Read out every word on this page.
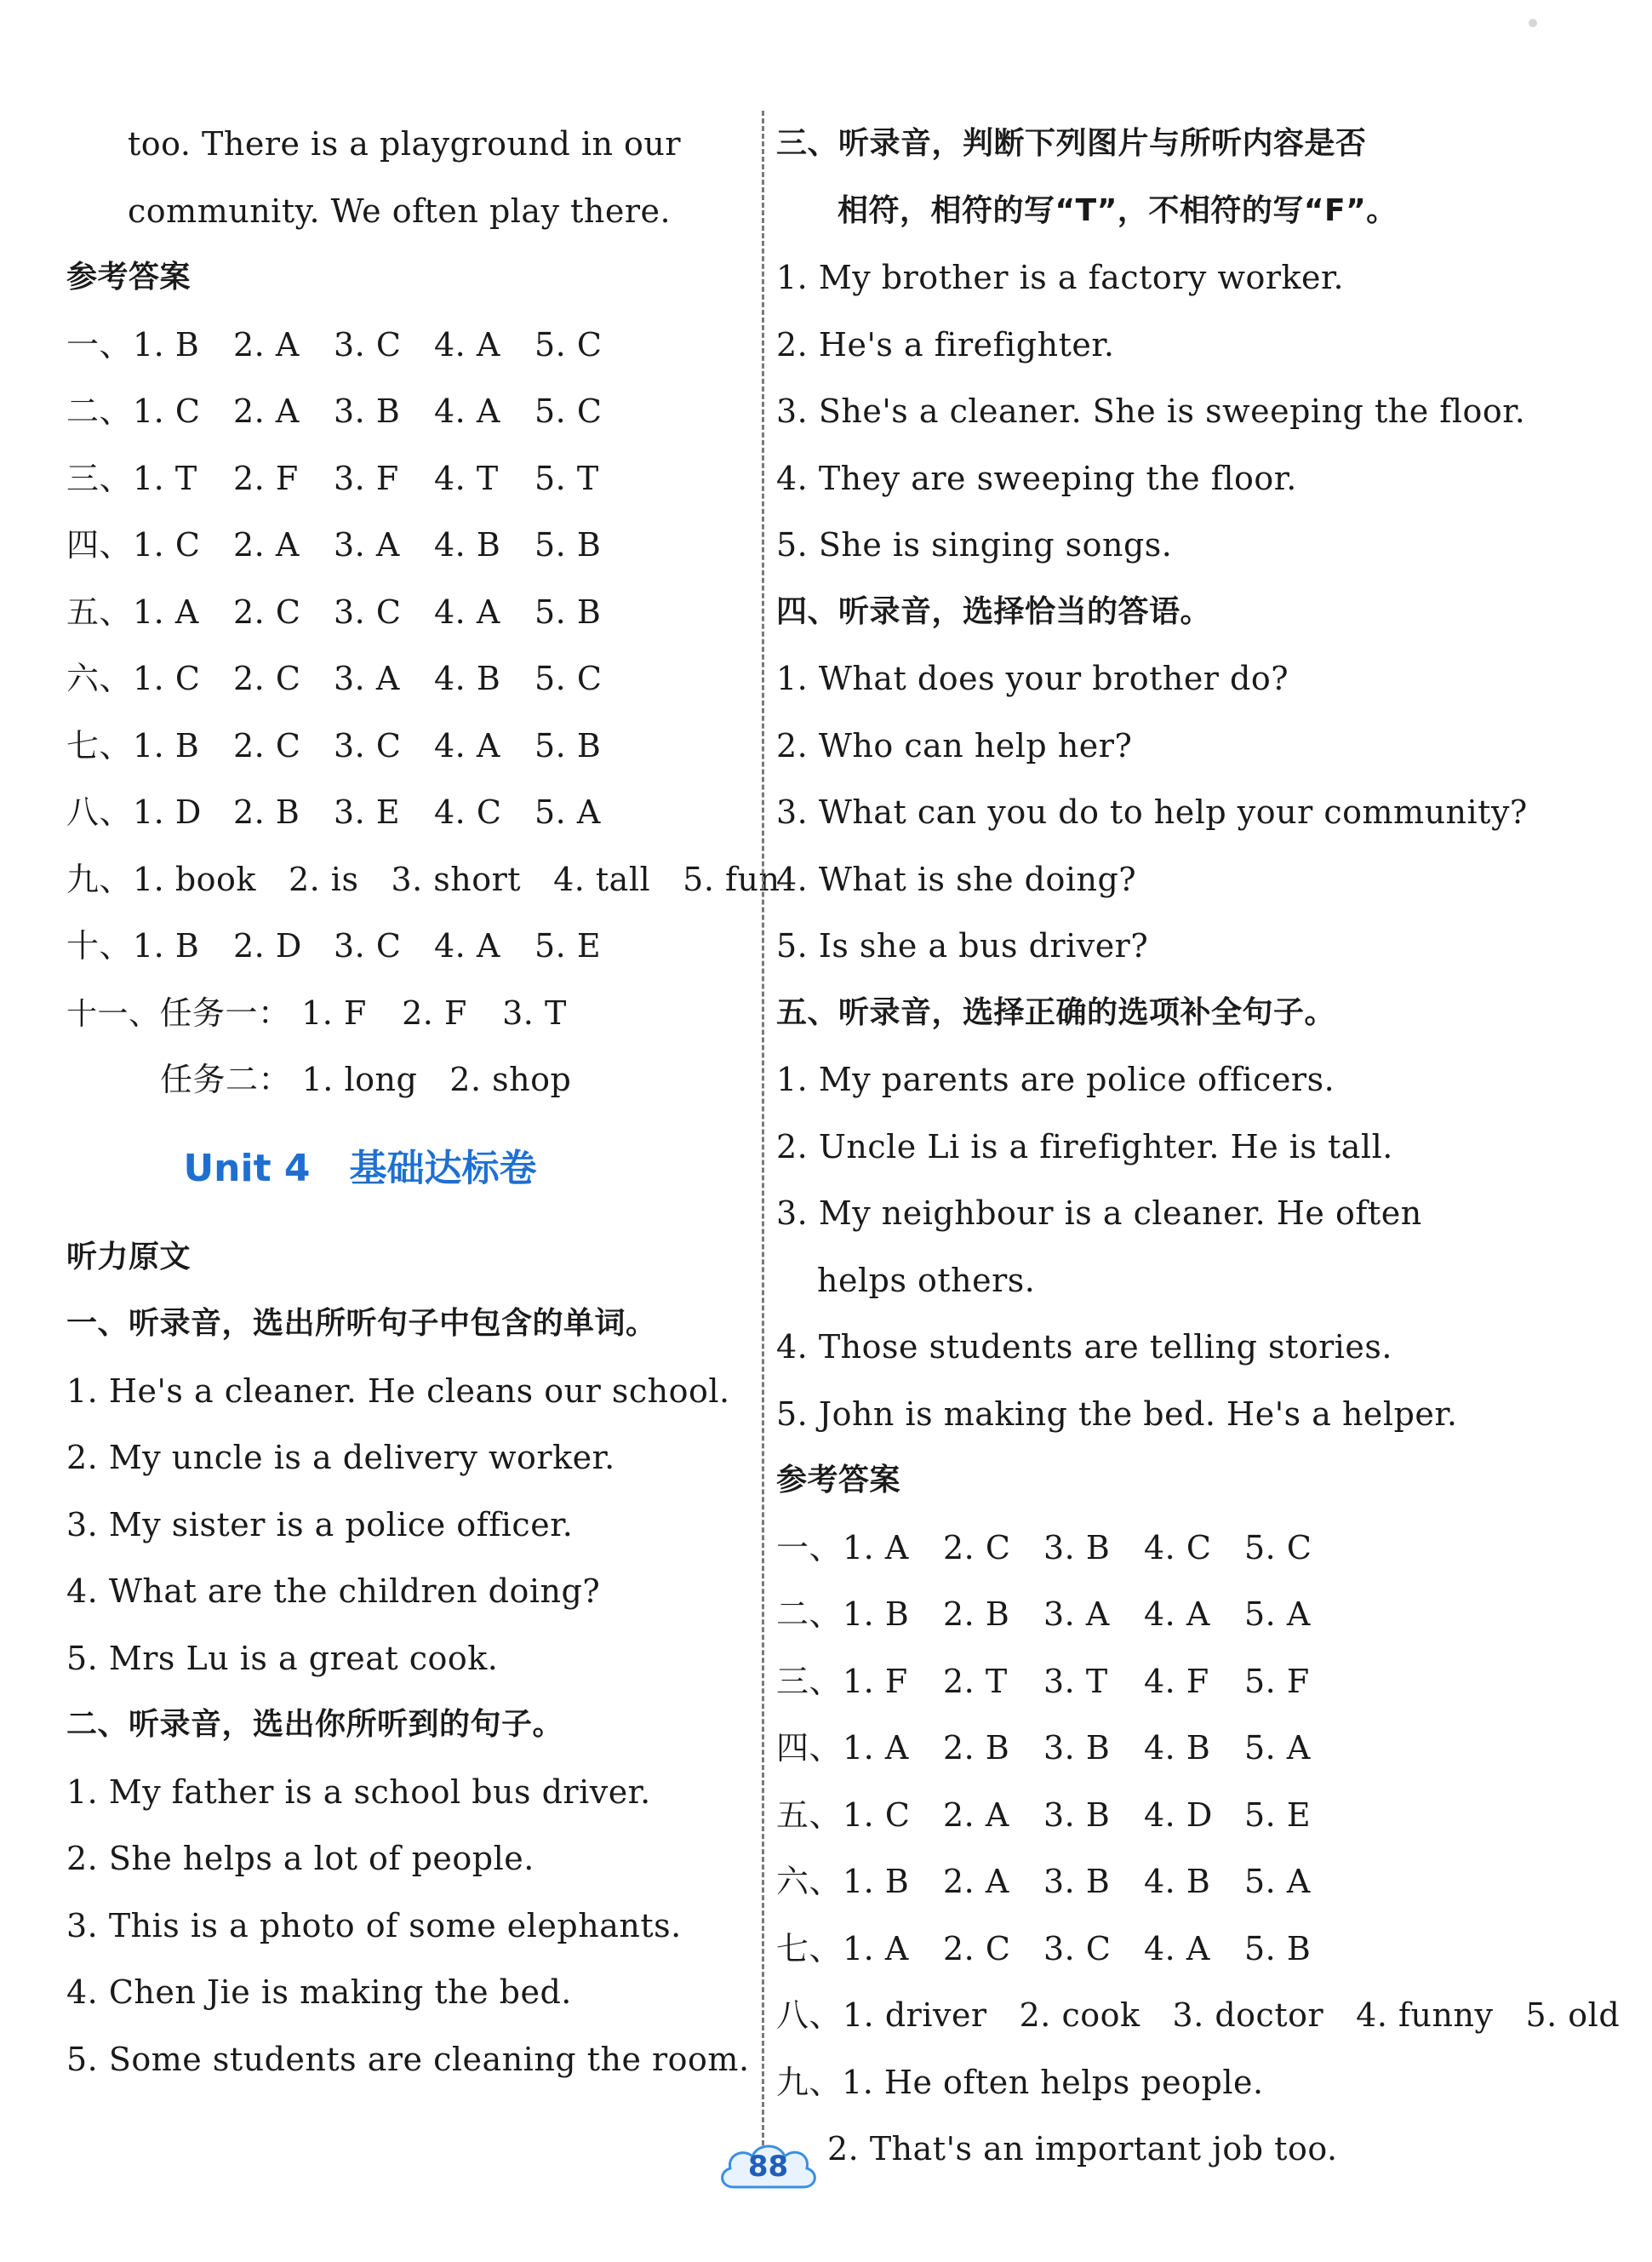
too. There is a playground in our
community. We often play there.
参考答案
一、1. B 2. A 3. C 4. A 5. C
二、1. C 2. A 3. B 4. A 5. C
三、1. T 2. F 3. F 4. T 5. T
四、1. C 2. A 3. A 4. B 5. B
五、1. A 2. C 3. C 4. A 5. B
六、1. C 2. C 3. A 4. B 5. C
七、1. B 2. C 3. C 4. A 5. B
八、1. D 2. B 3. E 4. C 5. A
九、1. book 2. is 3. short 4. tall 5. fun
十、1. B 2. D 3. C 4. A 5. E
十一、任务一： 1. F 2. F 3. T
任务二： 1. long 2. shop
Unit 4 基础达标卷
听力原文
一、听录音，选出所听句子中包含的单词。
1. He's a cleaner. He cleans our school.
2. My uncle is a delivery worker.
3. My sister is a police officer.
4. What are the children doing?
5. Mrs Lu is a great cook.
二、听录音，选出你所听到的句子。
1. My father is a school bus driver.
2. She helps a lot of people.
3. This is a photo of some elephants.
4. Chen Jie is making the bed.
5. Some students are cleaning the room.
三、听录音，判断下列图片与所听内容是否
相符，相符的写“T”，不相符的写“F”。
1. My brother is a factory worker.
2. He's a firefighter.
3. She's a cleaner. She is sweeping the floor.
4. They are sweeping the floor.
5. She is singing songs.
四、听录音，选择恰当的答语。
1. What does your brother do?
2. Who can help her?
3. What can you do to help your community?
4. What is she doing?
5. Is she a bus driver?
五、听录音，选择正确的选项补全句子。
1. My parents are police officers.
2. Uncle Li is a firefighter. He is tall.
3. My neighbour is a cleaner. He often
helps others.
4. Those students are telling stories.
5. John is making the bed. He's a helper.
参考答案
一、1. A 2. C 3. B 4. C 5. C
二、1. B 2. B 3. A 4. A 5. A
三、1. F 2. T 3. T 4. F 5. F
四、1. A 2. B 3. B 4. B 5. A
五、1. C 2. A 3. B 4. D 5. E
六、1. B 2. A 3. B 4. B 5. A
七、1. A 2. C 3. C 4. A 5. B
八、1. driver 2. cook 3. doctor 4. funny 5. old
九、1. He often helps people.
2. That's an important job too.
88
